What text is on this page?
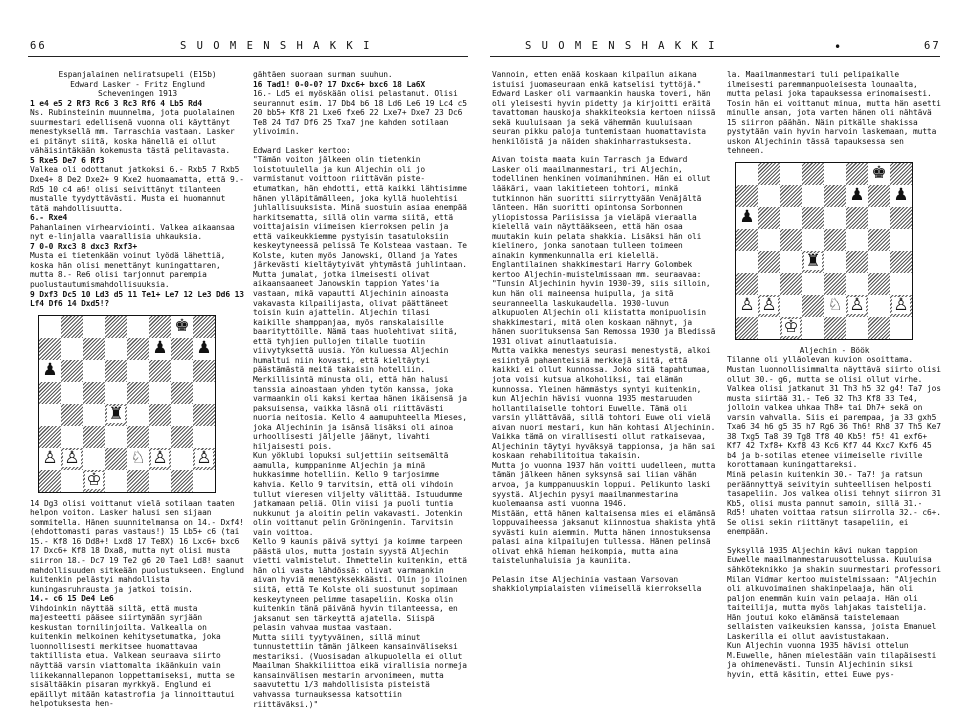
66	S U O M E N S H A K K I	S U O M E N S H A K K I	67
•

Espanjalainen neliratsupeli (E15b)

Edward Lasker - Fritz Englund

Scheveningen 1913

1 e4 e5 2 Rf3 Rc6 3 Rc3 Rf6 4 Lb5 Rd4

Ns. Rubinsteinin muunnelma, jota puolalainen suurmestari edellisenä vuonna oli käyttänyt menestyksellä mm. Tarraschia vastaan. Lasker ei pitänyt siitä, koska hänellä ei ollut vähäisintäkään kokemusta tästä pelitavasta.

5 Rxe5 De7 6 Rf3

Valkea oli odottanut jatkoksi 6.- Rxb5 7 Rxb5 Dxe4+ 8 De2 Dxe2+ 9 Kxe2 huomaamatta, että 9.- Rd5 10 c4 a6! olisi seivittänyt tilanteen mustalle tyydyttävästi. Musta ei huomannut tätä mahdollisuutta.

6.- Rxe4

Pahanlainen virhearviointi. Valkea aikaansaa nyt e-linjalla vaarallisia uhkauksia.

7 0-0 Rxc3 8 dxc3 Rxf3+

Musta ei tietenkään voinut lyödä lähettiä, koska hän olisi menettänyt kuningattaren, mutta 8.- Re6 olisi tarjonnut parempia puolustautumismahdollisuuksia.

9 Dxf3 Dc5 10 Ld3 d5 11 Te1+ Le7 12 Le3 Dd6 13 Lf4 Df6 14 Dxd5!?

♚
♟ ♟
♟
♜
♙ ♙	♘ ♙ ♙
♔

14 Dg3 olisi voittanut vielä sotilaan taaten helpon voiton. Lasker halusi sen sijaan sommitella. Hänen suunnitelmansa on 14.- Dxf4! (ehdottomasti paras vastaus!) 15 Lb5+ c6 (tai 15.- Kf8 16 Dd8+! Lxd8 17 Te8X) 16 Lxc6+ bxc6 17 Dxc6+ Kf8 18 Dxa8, mutta nyt olisi musta siirron 18.- Dc7 19 Te2 g6 20 Tae1 Ld8! saanut mahdollisuuden sitkeään puolustukseen. Englund kuitenkin pelästyi mahdollista kuningasruhrausta ja jatkoi toisin.

14.- c6 15 De4 Le6

Vihdoinkin näyttää siltä, että musta majesteetti pääsee siirtymään syrjään keskustan tornilinjoilta. Valkealla on kuitenkin melkoinen kehitysetumatka, joka luonnollisesti merkitsee huomattavaa taktillista etua. Valkean seuraava siirto näyttää varsin viattomalta ikäänkuin vain liikekannallepanon loppettamiseksi, mutta se sisältääkin pisaran myrkkyä. Englund ei epäillyt mitään katastrofia ja linnoittautui helpotuksesta hen-

gähtäen suoraan surman suuhun.

16 Tad1! 0-0-0? 17 Dxc6+ bxc6 18 La6X

16.- Ld5 ei myöskään olisi pelastanut. Olisi seurannut esim. 17 Db4 b6 18 Ld6 Le6 19 Lc4 c5 20 bb5+ Kf8 21 Lxe6 fxe6 22 Lxe7+ Dxe7 23 Dc6 Te8 24 Td7 Df6 25 Txa7 jne kahden sotilaan ylivoimin.

Edward Lasker kertoo:

"Tämän voiton jälkeen olin tietenkin loistotuulella ja kun Aljechin oli jo varmistanut voittoon riittävän piste-etumatkan, hän ehdotti, että kaikki lähtisimme hänen ylläpitämälleen, joka kyllä huolehtisi juhlallisuuksista. Minä suostuin asiaa enempää harkitsematta, sillä olin varma siitä, että voittajaisin viimeisen kierroksen pelin ja että vaikeukkiemme pystyisin tasatuloksiin keskeytyneessä pelissä Te Kolsteaa vastaan. Te Kolste, kuten myös Janowski, Olland ja Yates järkevästi kieltäytyivät yhtymästä juhlintaan.

Mutta jumalat, jotka ilmeisesti olivat aikaansaaneet Janowskin tappion Yates'ia vastaan, mikä vapautti Aljechinin ainoasta vakavasta kilpailijasta, olivat päättäneet toisin kuin ajattelin. Aljechin tilasi kaikille shamppanjaa, myös ranskalaisille baarityttöille. Nämä taas huolehtivat siitä, että tyhjien pullojen tilalle tuotiin viivytyksettä uusia. Yön kuluessa Aljechin humaltui niin kovasti, että kieltäytyi päästämästä meitä takaisin hotelliin.

Merkillisintä minusta oli, että hän halusi tanssia ainoastaan yhden tytön kanssa, joka varmaankin oli kaksi kertaa hänen ikäisensä ja paksuisensa, vaikka läsnä oli riittävästi nuoria neitosia. Kello 4 aamupuhteella Mieses, joka Aljechinin ja isänsä lisäksi oli ainoa urhoollisesti jäljelle jäänyt, livahti hiljaisesti pois.

Kun yöklubi lopuksi suljettiin seitsemältä aamulla, kumppaninme Aljechin ja minä hukkasimme hotelliin. Kello 9 tarjosimme kahvia. Kello 9 tarvitsin, että oli vihdoin tullut vieresen viljelty välittää. Istuudumme jatkamaan peliä. Olin viisi ja puoli tuntia nukkunut ja aloitin pelin vakavasti. Jotenkin olin voittanut pelin Gröningenin. Tarvitsin vain voittoa.

Kello 9 kaunis päivä syttyi ja koimme tarpeen päästä ulos, mutta jostain syystä Aljechin vietti valmistelut. Ihmettelin kuitenkin, että hän oli vasta lähdössä: olivat varmaankin aivan hyviä menestyksekkäästi. Olin jo iloinen siitä, että Te Kolste oli suostunut sopimaan keskeytyneen pelimme tasapeliin. Koska olin kuitenkin tänä päivänä hyvin tilanteessa, en jaksanut sen tärkeyttä ajatella. Siispä pelasin vahvaa mustaa vastaan.

Mutta siili tyytyväinen, sillä minut tunnustettiin tämän jälkeen kansainväliseksi mestariksi. (Vuosisadan alkupuolella ei ollut Maailman Shakkiliittoa eikä virallisia normeja kansainvälisen mestarin arvonimeen, mutta saavutettu 1/3 mahdollisista pisteistä vahvassa turnauksessa katsottiin riittäväksi.)"

Vannoin, etten enää koskaan kilpailun aikana istuisi juomaseuraan enkä katselisi tyttöjä."

Edward Lasker oli varmaankin hauska toveri, hän oli yleisesti hyvin pidetty ja kirjoitti eräitä tavattoman hauskoja shakkiteoksia kertoen niissä sekä kuuluisaan ja sekä vähemmän kuuluisaan seuran pikku paloja tuntemistaan huomattavista henkilöistä ja näiden shakinharrastuksesta.

Aivan toista maata kuin Tarrasch ja Edward Lasker oli maailmanmestari, tri Aljechin, todellinen henkinen voimanihminen. Hän ei ollut lääkäri, vaan lakitieteen tohtori, minkä tutkinnon hän suoritti siirryttyään Venäjältä länteen. Hän suoritti opintonsa Sorbonnen yliopistossa Pariisissa ja vieläpä vieraalla kielellä vain näyttääkseen, että hän osaa muutakin kuin pelata shakkia. Lisäksi hän oli kielinero, jonka sanotaan tulleen toimeen ainakin kymmenkunnalla eri kielellä.

Englantilainen shakkimestari Harry Golombek kertoo Aljechin-muistelmissaan mm. seuraavaa:

"Tunsin Aljechinin hyvin 1930-39, siis silloin, kun hän oli maineensa huipulla, ja sitä seuranneella laskukaudella. 1930-luvun alkupuolen Aljechin oli kiistatta monipuolisin shakkimestari, mitä olen koskaan nähnyt, ja hänen suorituksensa San Remossa 1930 ja Bledissä 1931 olivat ainutlaatuisia.

Mutta vaikka menestys seurasi menestystä, alkoi esiintyä pahaenteisiä merkkejä siitä, että kaikki ei ollut kunnossa. Joko sitä tapahtumaa, jota voisi kutsua alkoholiksi, tai elämän kunnossa. Yleinen hämmästys syntyi kuitenkin, kun Aljechin hävisi vuonna 1935 mestaruuden hollantilaiselle tohtori Euwelle. Tämä oli varsin yllättävää, sillä tohtori Euwe oli vielä aivan nuori mestari, kun hän kohtasi Aljechinin. Vaikka tämä on virallisesti ollut ratkaisevaa, Aljechinin täytyi hyväksyä tappionsa, ja hän sai koskaan rehabilitoitua takaisin.

Mutta jo vuonna 1937 hän voitti uudelleen, mutta tämän jälkeen hänen syksynsä sai liian vähän arvoa, ja kumppanuuskin loppui. Pelikunto laski syystä. Aljechin pysyi maailmanmestarina kuolemaansa asti vuonna 1946.

Mistään, että hänen kaltaisensa mies ei elämänsä loppuvaiheessa jaksanut kiinnostua shakista yhtä syvästi kuin aiemmin. Mutta hänen innostuksensa palasi aina kilpailujen tullessa. Hänen pelinsä olivat ehkä hieman heikompia, mutta aina taistelunhaluisia ja kauniita.

Pelasin itse Aljechinia vastaan Varsovan shakkiolympialaisten viimeisellä kierroksella

la. Maailmanmestari tuli pelipaikalle ilmeisesti paremmanpuoleisesta lounaalta, mutta pelasi joka tapauksessa erinomaisesti. Tosin hän ei voittanut minua, mutta hän asetti minulle ansan, jota varten hänen oli nähtävä 15 siirron päähän. Näin pitkälle shakissa pystytään vain hyvin harvoin laskemaan, mutta uskon Aljechinin tässä tapauksessa sen tehneen.

♚
♟ ♟
♟
♜
♙ ♙	♘ ♙ ♙
♔
Aljechin - Böök

Tilanne oli ylläolevan kuvion osoittama. Mustan luonnollisimmalta näyttävä siirto olisi ollut 30.- g6, mutta se olisi ollut virhe. Valkea olisi jatkanut 31 Th3 h5 32 g4! Ta7 jos musta siirtää 31.- Te6 32 Th3 Kf8 33 Te4, jolloin valkea uhkaa Th8+ tai Dh7+ sekä on varsin vahvalla. Siis ei parempaa, ja 33 gxh5 Txa6 34 h6 g5 35 h7 Rg6 36 Th6! Rh8 37 Th5 Ke7 38 Txg5 Ta8 39 Tg8 Tf8 40 Kb5! f5! 41 exf6+ Kf7 42 Txf8+ Kxf8 43 Kc6 Kf7 44 Kxc7 Kxf6 45 b4 ja b-sotilas etenee viimeiselle riville korottamaan kuningattareksi.

Minä pelasin kuitenkin 30.- Ta7! ja ratsun peräännyttyä seivityin suhteellisen helposti tasapeliin. Jos valkea olisi tehnyt siirron 31 Kb5, olisi musta pannut samoin, sillä 31.- Rd5! uhaten voittaa ratsun siirrolla 32.- c6+. Se olisi sekin riittänyt tasapeliin, ei enempään.

Syksyllä 1935 Aljechin kävi nukan tappion Euwelle maailmanmestaruusottelussa. Kuuluisa sähköteknikko ja shakin suurmestari professori Milan Vidmar kertoo muistelmissaan: "Aljechin oli alkuvoimainen shakinpelaaja, hän oli paljon enemmän kuin vain pelaaja. Hän oli taiteilija, mutta myös lahjakas taistelija. Hän joutui koko elämänsä taistelemaan sellaisten vaikeuksien kanssa, joista Emanuel Laskerilla ei ollut aavistustakaan.

Kun Aljechin vuonna 1935 hävisi ottelun M.Euwelle, hänen mielestään vain tilapäisesti ja ohimenevästi. Tunsin Aljechinin siksi hyvin, että käsitin, ettei Euwe pys-
